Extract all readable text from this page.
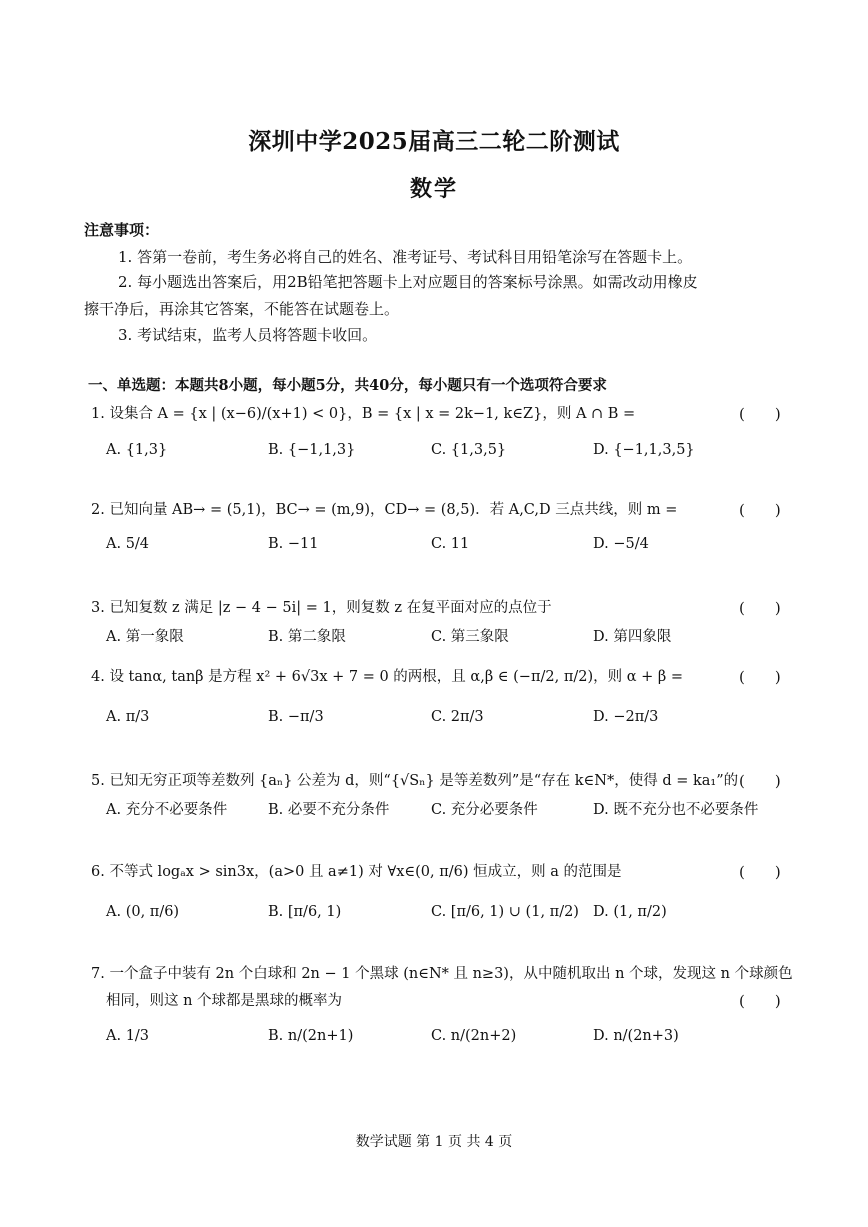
深圳中学2025届高三二轮二阶测试
数学
注意事项：
1. 答第一卷前，考生务必将自己的姓名、准考证号、考试科目用铅笔涂写在答题卡上。
2. 每小题选出答案后，用2B铅笔把答题卡上对应题目的答案标号涂黑。如需改动用橡皮
擦干净后，再涂其它答案，不能答在试题卷上。
3. 考试结束，监考人员将答题卡收回。
一、单选题：本题共8小题，每小题5分，共40分，每小题只有一个选项符合要求
1. 设集合 A = {x | (x−6)/(x+1) < 0}，B = {x | x = 2k−1, k∈Z}，则 A ∩ B =	(　　)
A. {1,3}	B. {−1,1,3}	C. {1,3,5}	D. {−1,1,3,5}
2. 已知向量 AB→ = (5,1)，BC→ = (m,9)，CD→ = (8,5)．若 A,C,D 三点共线，则 m =	(　　)
A. 5/4	B. −11	C. 11	D. −5/4
3. 已知复数 z 满足 |z − 4 − 5i| = 1，则复数 z 在复平面对应的点位于	(　　)
A. 第一象限	B. 第二象限	C. 第三象限	D. 第四象限
4. 设 tanα, tanβ 是方程 x² + 6√3x + 7 = 0 的两根，且 α,β ∈ (−π/2, π/2)，则 α + β =	(　　)
A. π/3	B. −π/3	C. 2π/3	D. −2π/3
5. 已知无穷正项等差数列 {aₙ} 公差为 d，则“{√Sₙ} 是等差数列”是“存在 k∈N*，使得 d = ka₁”的 (　　)
A. 充分不必要条件	B. 必要不充分条件	C. 充分必要条件	D. 既不充分也不必要条件
6. 不等式 logₐx > sin3x，(a>0 且 a≠1) 对 ∀x∈(0, π/6) 恒成立，则 a 的范围是	(　　)
A. (0, π/6)	B. [π/6, 1)	C. [π/6, 1) ∪ (1, π/2) D. (1, π/2)
7. 一个盒子中装有 2n 个白球和 2n − 1 个黑球 (n∈N* 且 n≥3)，从中随机取出 n 个球，发现这 n 个球颜色
相同，则这 n 个球都是黑球的概率为	(　　)
A. 1/3	B. n/(2n+1)	C. n/(2n+2)	D. n/(2n+3)
数学试题 第 1 页 共 4 页
